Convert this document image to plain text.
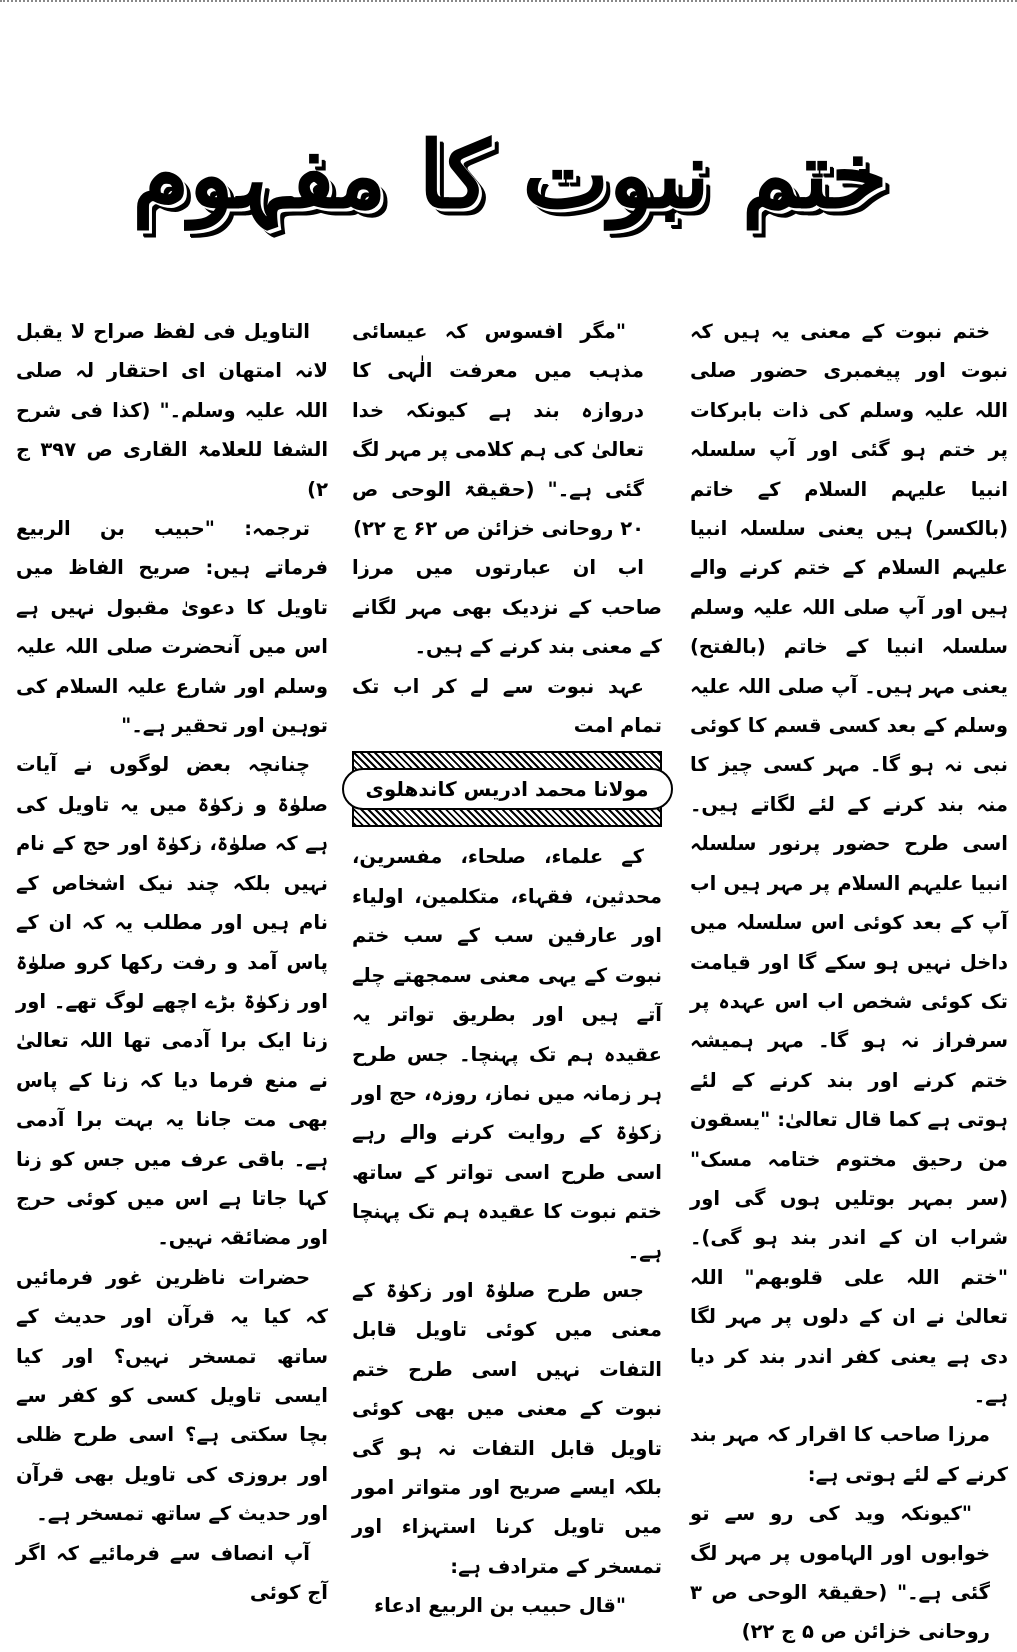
ختم نبوت کا مفہوم

ختم نبوت کے معنی یہ ہیں کہ نبوت اور پیغمبری حضور صلی اللہ علیہ وسلم کی ذات بابرکات پر ختم ہو گئی اور آپ سلسلہ انبیا علیہم السلام کے خاتم (بالکسر) ہیں یعنی سلسلہ انبیا علیہم السلام کے ختم کرنے والے ہیں اور آپ صلی اللہ علیہ وسلم سلسلہ انبیا کے خاتم (بالفتح) یعنی مہر ہیں۔ آپ صلی اللہ علیہ وسلم کے بعد کسی قسم کا کوئی نبی نہ ہو گا۔ مہر کسی چیز کا منہ بند کرنے کے لئے لگاتے ہیں۔ اسی طرح حضور پرنور سلسلہ انبیا علیہم السلام پر مہر ہیں اب آپ کے بعد کوئی اس سلسلہ میں داخل نہیں ہو سکے گا اور قیامت تک کوئی شخص اب اس عہدہ پر سرفراز نہ ہو گا۔ مہر ہمیشہ ختم کرنے اور بند کرنے کے لئے ہوتی ہے کما قال تعالیٰ: "یسقون من رحیق مختوم ختامہ مسک" (سر بمہر بوتلیں ہوں گی اور شراب ان کے اندر بند ہو گی)۔ "ختم اللہ علی قلوبھم" اللہ تعالیٰ نے ان کے دلوں پر مہر لگا دی ہے یعنی کفر اندر بند کر دیا ہے۔

مرزا صاحب کا اقرار کہ مہر بند کرنے کے لئے ہوتی ہے:

"کیونکہ وید کی رو سے تو خوابوں اور الہاموں پر مہر لگ گئی ہے۔" (حقیقۃ الوحی ص ۳ روحانی خزائن ص ۵ ج ۲۲)

"مگر افسوس کہ عیسائی مذہب میں معرفت الٰہی کا دروازہ بند ہے کیونکہ خدا تعالیٰ کی ہم کلامی پر مہر لگ گئی ہے۔" (حقیقۃ الوحی ص ۲۰ روحانی خزائن ص ۶۲ ج ۲۲)

اب ان عبارتوں میں مرزا صاحب کے نزدیک بھی مہر لگانے کے معنی بند کرنے کے ہیں۔

عہد نبوت سے لے کر اب تک تمام امت

مولانا محمد ادریس کاندھلوی

کے علماء، صلحاء، مفسرین، محدثین، فقہاء، متکلمین، اولیاء اور عارفین سب کے سب ختم نبوت کے یہی معنی سمجھتے چلے آتے ہیں اور بطریق تواتر یہ عقیدہ ہم تک پہنچا۔ جس طرح ہر زمانہ میں نماز، روزہ، حج اور زکوٰۃ کے روایت کرنے والے رہے اسی طرح اسی تواتر کے ساتھ ختم نبوت کا عقیدہ ہم تک پہنچا ہے۔

جس طرح صلوٰۃ اور زکوٰۃ کے معنی میں کوئی تاویل قابل التفات نہیں اسی طرح ختم نبوت کے معنی میں بھی کوئی تاویل قابل التفات نہ ہو گی بلکہ ایسے صریح اور متواتر امور میں تاویل کرنا استہزاء اور تمسخر کے مترادف ہے:

"قال حبیب بن الربیع ادعاء

التاویل فی لفظ صراح لا یقبل لانہ امتھان ای احتقار لہ صلی اللہ علیہ وسلم۔" (کذا فی شرح الشفا للعلامۃ القاری ص ۳۹۷ ج ۲)

ترجمہ: "حبیب بن الربیع فرماتے ہیں: صریح الفاظ میں تاویل کا دعویٰ مقبول نہیں ہے اس میں آنحضرت صلی اللہ علیہ وسلم اور شارع علیہ السلام کی توہین اور تحقیر ہے۔"

چنانچہ بعض لوگوں نے آیات صلوٰۃ و زکوٰۃ میں یہ تاویل کی ہے کہ صلوٰۃ، زکوٰۃ اور حج کے نام نہیں بلکہ چند نیک اشخاص کے نام ہیں اور مطلب یہ کہ ان کے پاس آمد و رفت رکھا کرو صلوٰۃ اور زکوٰۃ بڑے اچھے لوگ تھے۔ اور زنا ایک برا آدمی تھا اللہ تعالیٰ نے منع فرما دیا کہ زنا کے پاس بھی مت جانا یہ بہت برا آدمی ہے۔ باقی عرف میں جس کو زنا کہا جاتا ہے اس میں کوئی حرج اور مضائقہ نہیں۔

حضرات ناظرین غور فرمائیں کہ کیا یہ قرآن اور حدیث کے ساتھ تمسخر نہیں؟ اور کیا ایسی تاویل کسی کو کفر سے بچا سکتی ہے؟ اسی طرح ظلی اور بروزی کی تاویل بھی قرآن اور حدیث کے ساتھ تمسخر ہے۔

آپ انصاف سے فرمائیے کہ اگر آج کوئی
